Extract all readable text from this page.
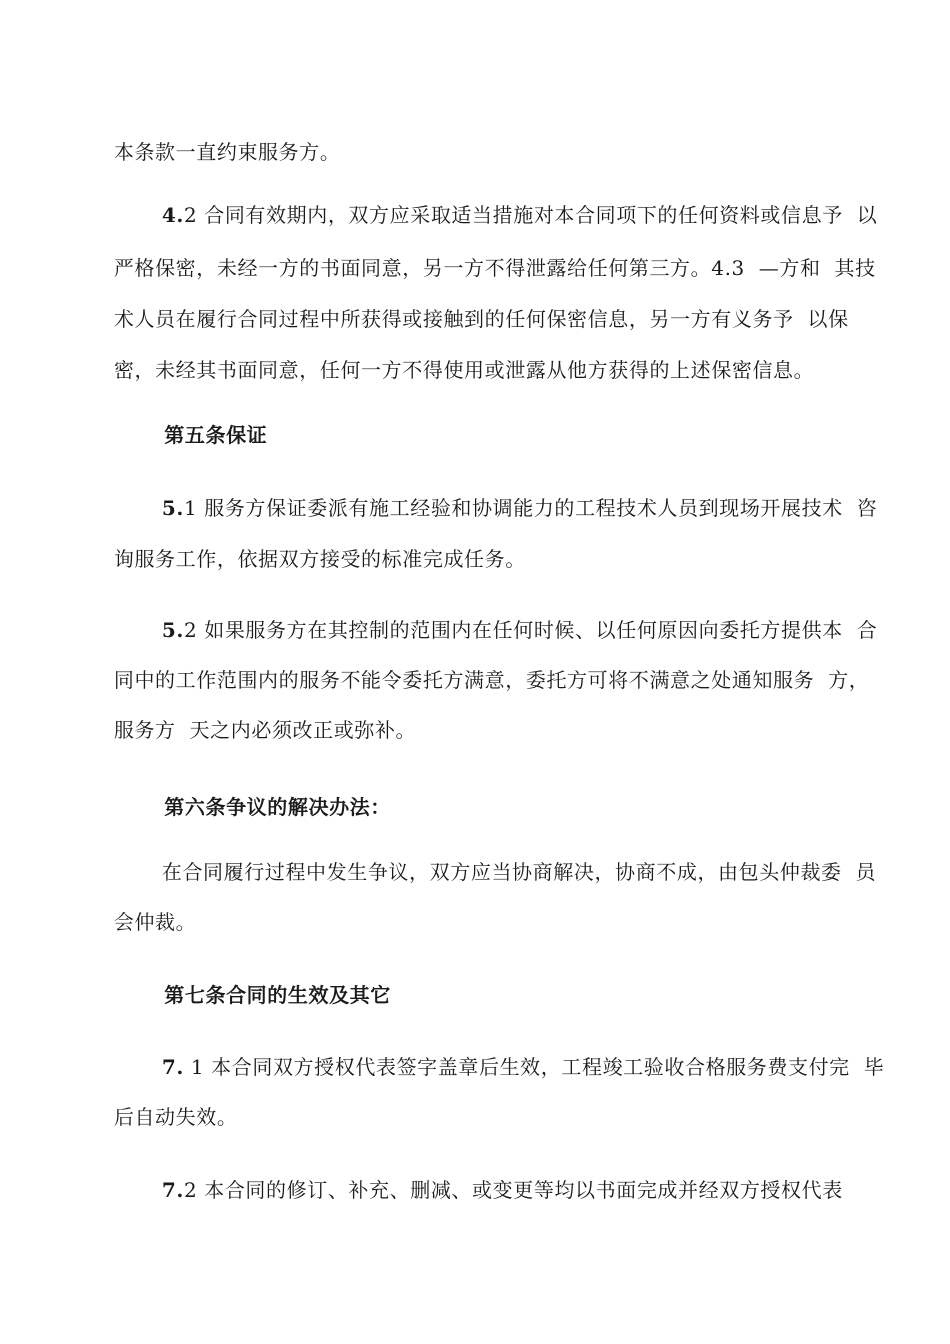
本条款一直约束服务方。

4.2 合同有效期内，双方应采取适当措施对本合同项下的任何资料或信息予  以

严格保密，未经一方的书面同意，另一方不得泄露给任何第三方。4.3  —方和  其技

术人员在履行合同过程中所获得或接触到的任何保密信息，另一方有义务予  以保

密，未经其书面同意，任何一方不得使用或泄露从他方获得的上述保密信息。

第五条保证

5.1 服务方保证委派有施工经验和协调能力的工程技术人员到现场开展技术  咨

询服务工作，依据双方接受的标准完成任务。

5.2 如果服务方在其控制的范围内在任何时候、以任何原因向委托方提供本  合

同中的工作范围内的服务不能令委托方满意，委托方可将不满意之处通知服务  方，

服务方  天之内必须改正或弥补。

第六条争议的解决办法：

在合同履行过程中发生争议，双方应当协商解决，协商不成，由包头仲裁委  员

会仲裁。

第七条合同的生效及其它

7. 1 本合同双方授权代表签字盖章后生效，工程竣工验收合格服务费支付完  毕

后自动失效。

7.2 本合同的修订、补充、删减、或变更等均以书面完成并经双方授权代表
